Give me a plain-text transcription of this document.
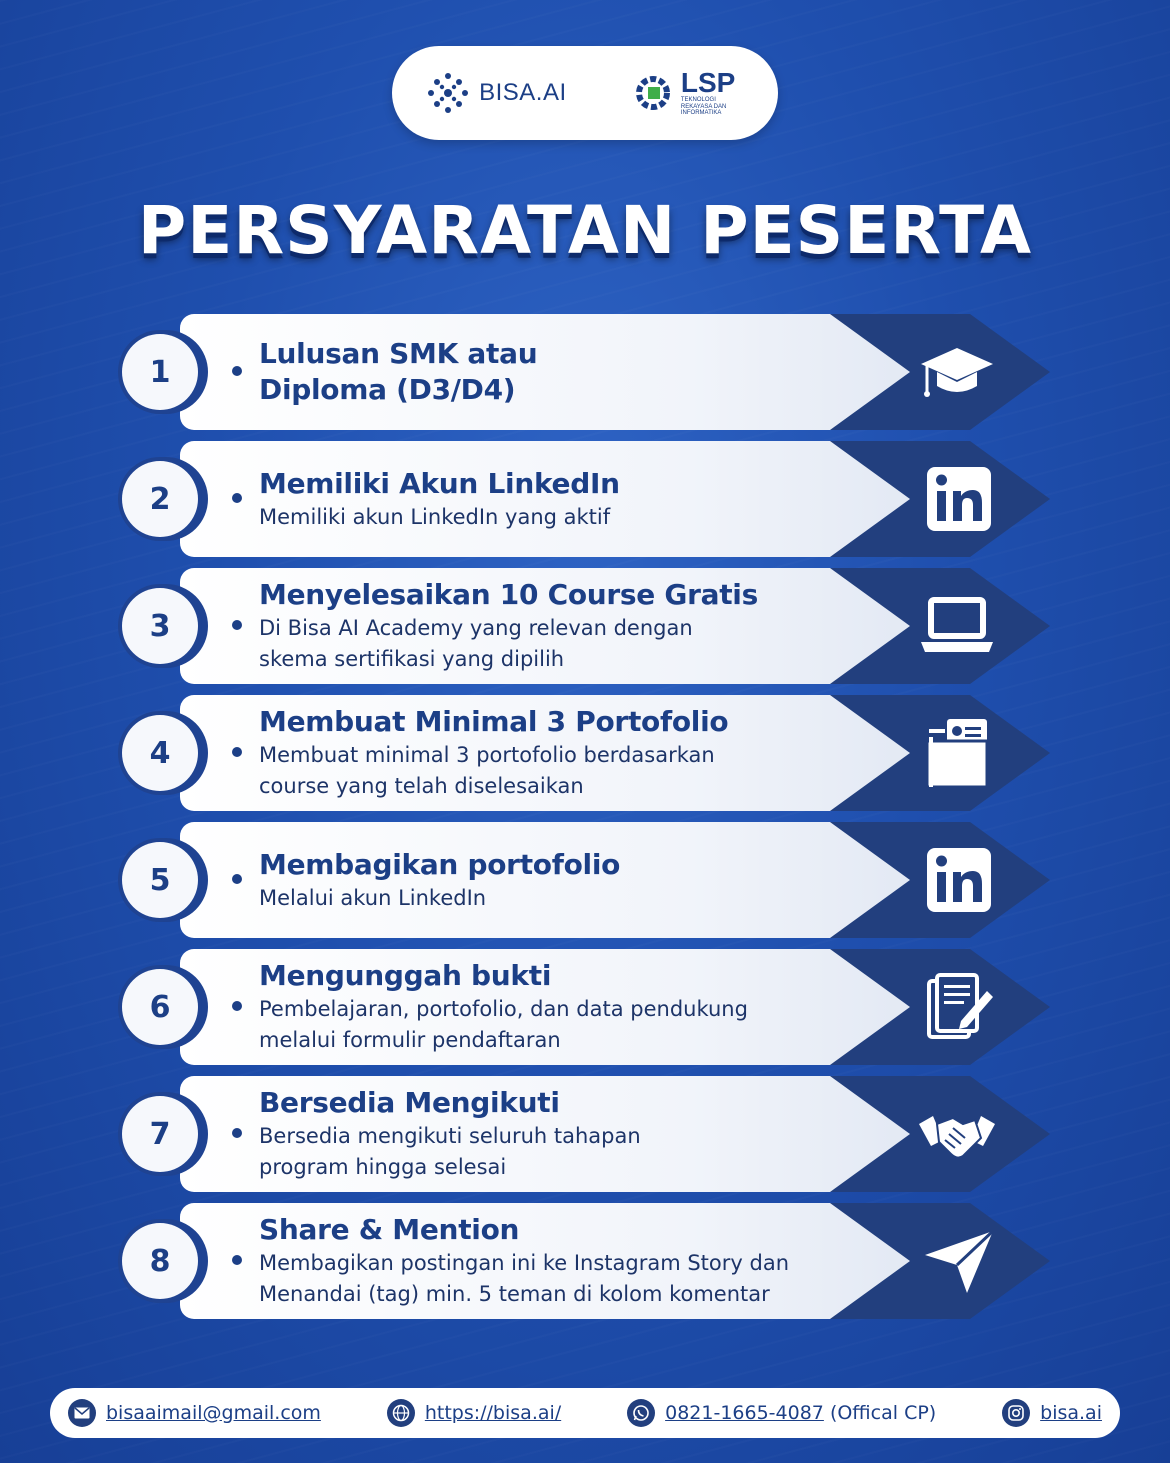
BISA.AI	LSP
TEKNOLOGI REKAYASA DAN INFORMATIKA
PERSYARATAN PESERTA
1
Lulusan SMK atau
Diploma (D3/D4)
2	Memiliki Akun LinkedIn
Memiliki akun LinkedIn yang aktif
3
Menyelesaikan 10 Course Gratis
Di Bisa AI Academy yang relevan dengan
skema sertifikasi yang dipilih
4
Membuat Minimal 3 Portofolio
Membuat minimal 3 portofolio berdasarkan
course yang telah diselesaikan
5	Membagikan portofolio
Melalui akun LinkedIn
6
Mengunggah bukti
Pembelajaran, portofolio, dan data pendukung
melalui formulir pendaftaran
7
Bersedia Mengikuti
Bersedia mengikuti seluruh tahapan
program hingga selesai
8
Share & Mention
Membagikan postingan ini ke Instagram Story dan
Menandai (tag) min. 5 teman di kolom komentar
bisaaimail@gmail.com	https://bisa.ai/	0821-1665-4087 (Offical CP)	bisa.ai
